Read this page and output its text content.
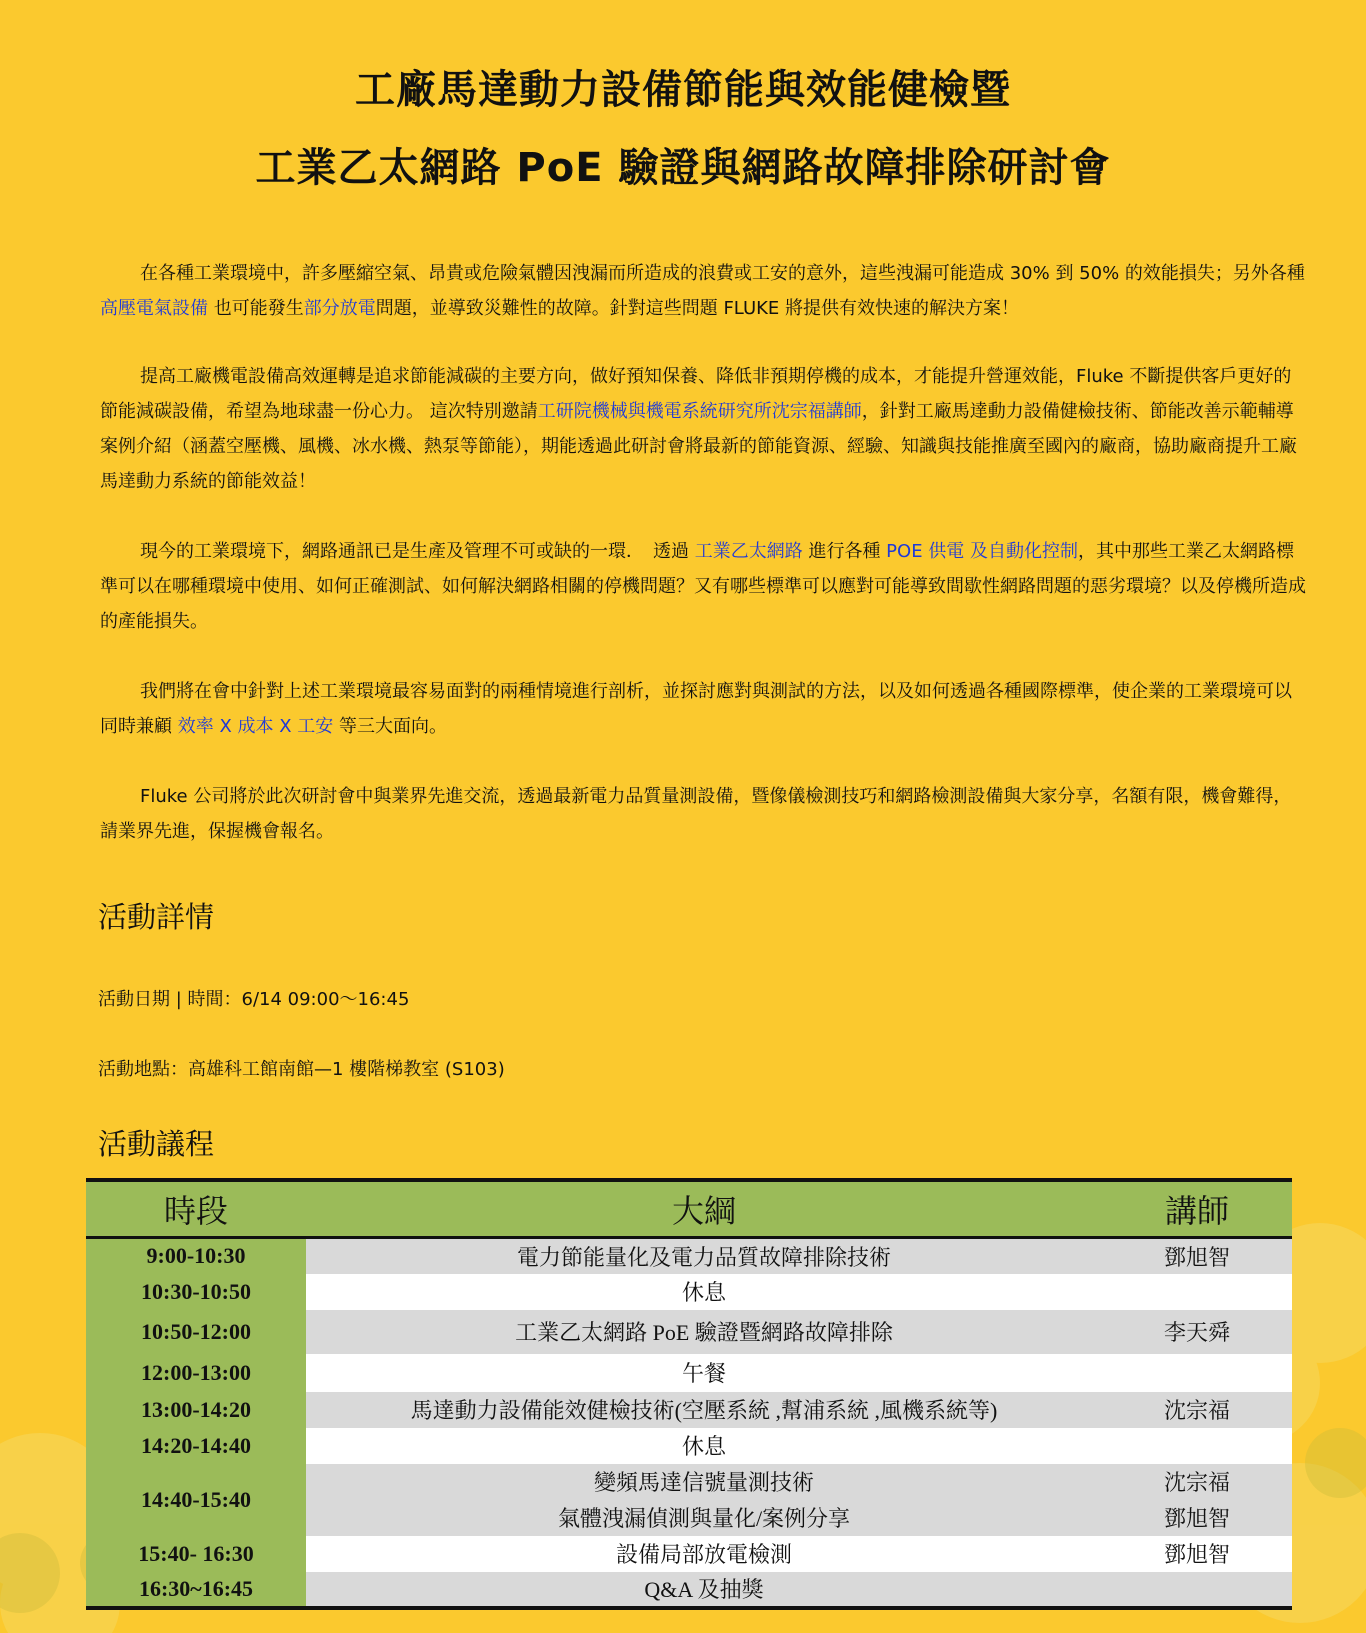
工廠馬達動力設備節能與效能健檢暨
工業乙太網路 PoE 驗證與網路故障排除研討會
在各種工業環境中，許多壓縮空氣、昂貴或危險氣體因洩漏而所造成的浪費或工安的意外，這些洩漏可能造成 30% 到 50% 的效能損失；另外各種高壓電氣設備 也可能發生部分放電問題，並導致災難性的故障。針對這些問題 FLUKE 將提供有效快速的解決方案！
提高工廠機電設備高效運轉是追求節能減碳的主要方向，做好預知保養、降低非預期停機的成本，才能提升營運效能，Fluke 不斷提供客戶更好的節能減碳設備，希望為地球盡一份心力。 這次特別邀請工研院機械與機電系統研究所沈宗福講師，針對工廠馬達動力設備健檢技術、節能改善示範輔導案例介紹（涵蓋空壓機、風機、冰水機、熱泵等節能），期能透過此研討會將最新的節能資源、經驗、知識與技能推廣至國內的廠商，協助廠商提升工廠馬達動力系統的節能效益！
現今的工業環境下，網路通訊已是生產及管理不可或缺的一環．　透過 工業乙太網路 進行各種 POE 供電 及自動化控制，其中那些工業乙太網路標準可以在哪種環境中使用、如何正確測試、如何解決網路相關的停機問題？又有哪些標準可以應對可能導致間歇性網路問題的惡劣環境？以及停機所造成的產能損失。
我們將在會中針對上述工業環境最容易面對的兩種情境進行剖析，並探討應對與測試的方法，以及如何透過各種國際標準，使企業的工業環境可以同時兼顧 效率 X 成本 X 工安 等三大面向。
Fluke 公司將於此次研討會中與業界先進交流，透過最新電力品質量測設備，暨像儀檢測技巧和網路檢測設備與大家分享，名額有限，機會難得，請業界先進，保握機會報名。
活動詳情
活動日期 | 時間：6/14 09:00～16:45
活動地點：高雄科工館南館—1 樓階梯教室 (S103)
活動議程
時段	大綱	講師
9:00-10:30	電力節能量化及電力品質故障排除技術	鄧旭智
10:30-10:50	休息	
10:50-12:00	工業乙太網路 PoE 驗證暨網路故障排除	李天舜
12:00-13:00	午餐	
13:00-14:20	馬達動力設備能效健檢技術(空壓系統 ,幫浦系統 ,風機系統等)	沈宗福
14:20-14:40	休息	
14:40-15:40	變頻馬達信號量測技術	沈宗福
	氣體洩漏偵測與量化/案例分享	鄧旭智
15:40- 16:30	設備局部放電檢測	鄧旭智
16:30~16:45	Q&A 及抽獎	
